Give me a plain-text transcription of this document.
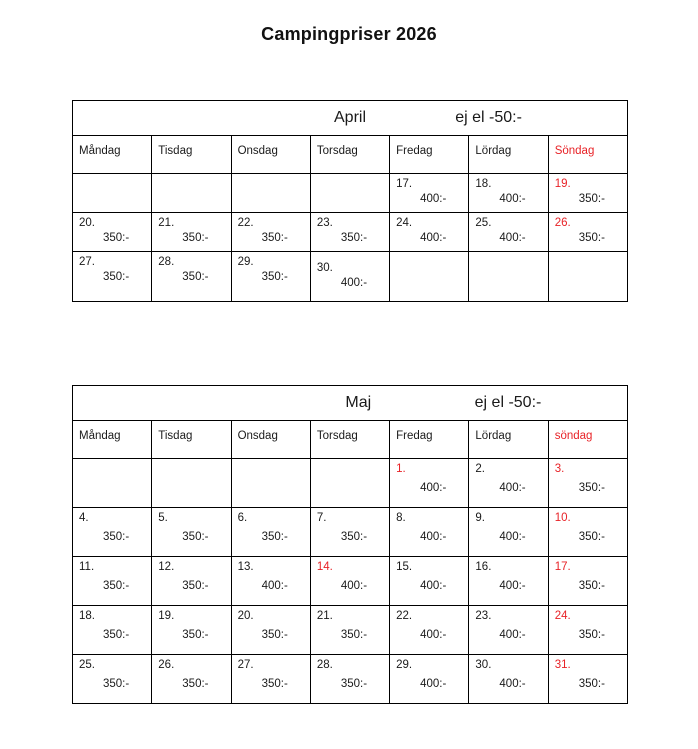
Campingpriser 2026
April ej el -50:-						

Måndag	Tisdag	Onsdag	Torsdag	Fredag	Lördag	Söndag

				17.
400:-	18.
400:-	19.
350:-

20.
350:-	21.
350:-	22.
350:-	23.
350:-	24.
400:-	25.
400:-	26.
350:-

27.
350:-	28.
350:-	29.
350:-	30.
400:-			

Maj ej el -50:-						

Måndag	Tisdag	Onsdag	Torsdag	Fredag	Lördag	söndag

				1.
400:-	2.
400:-	3.
350:-

4.
350:-	5.
350:-	6.
350:-	7.
350:-	8.
400:-	9.
400:-	10.
350:-

11.
350:-	12.
350:-	13.
400:-	14.
400:-	15.
400:-	16.
400:-	17.
350:-

18.
350:-	19.
350:-	20.
350:-	21.
350:-	22.
400:-	23.
400:-	24.
350:-

25.
350:-	26.
350:-	27.
350:-	28.
350:-	29.
400:-	30.
400:-	31.
350:-
